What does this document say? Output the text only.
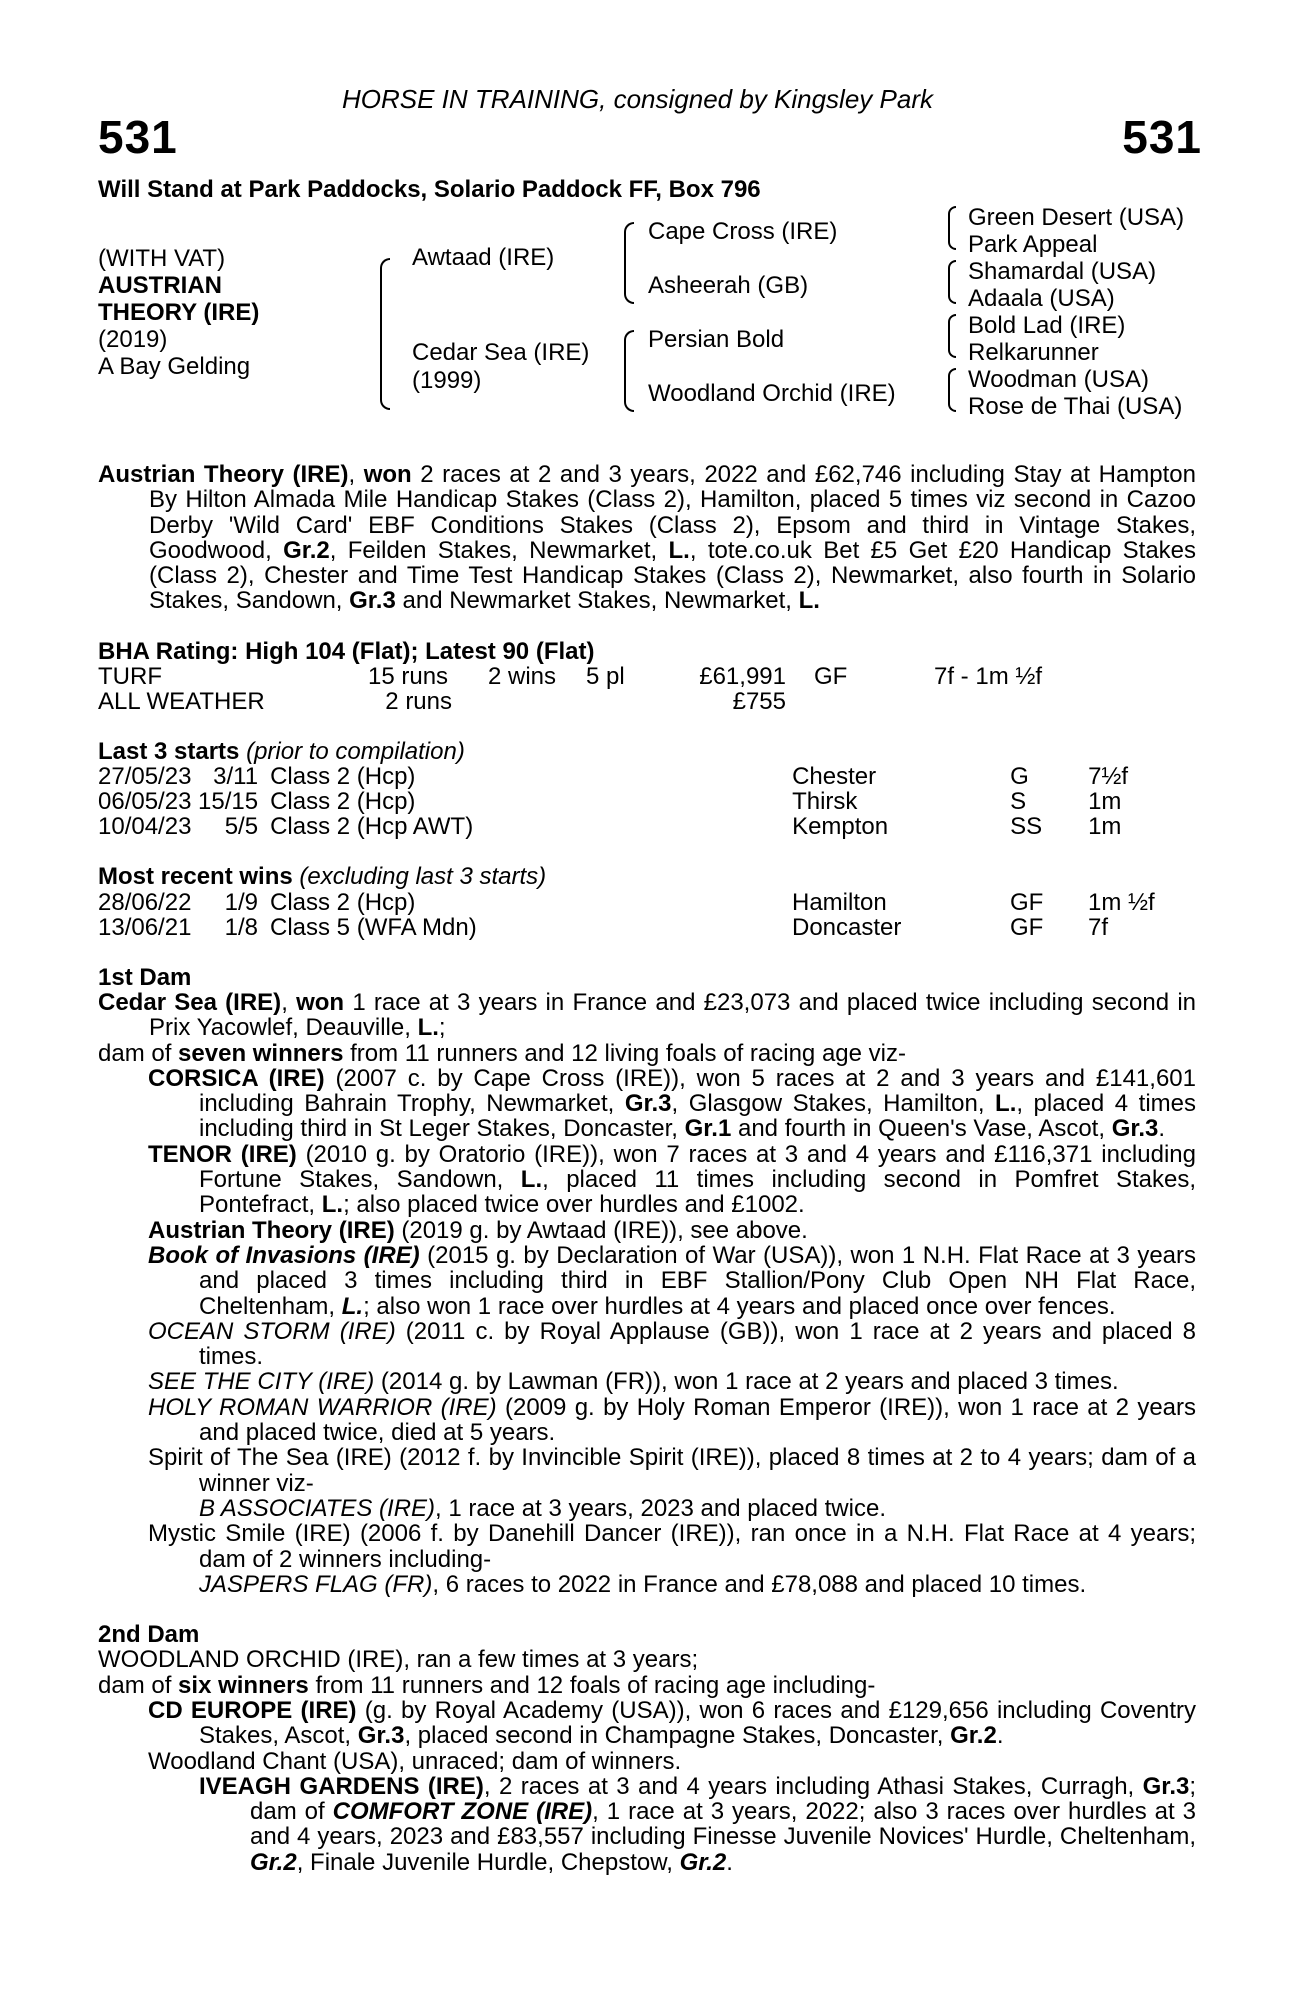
531	531
HORSE IN TRAINING, consigned by Kingsley Park
Will Stand at Park Paddocks, Solario Paddock FF, Box 796
(WITH VAT)
AUSTRIAN
THEORY (IRE)
(2019)
A Bay Gelding
Awtaad (IRE)
Cedar Sea (IRE)
(1999)
Cape Cross (IRE)
Asheerah (GB)
Persian Bold
Woodland Orchid (IRE)
Green Desert (USA)
Park Appeal
Shamardal (USA)
Adaala (USA)
Bold Lad (IRE)
Relkarunner
Woodman (USA)
Rose de Thai (USA)
Austrian Theory (IRE), won 2 races at 2 and 3 years, 2022 and £62,746 including Stay at Hampton By Hilton Almada Mile Handicap Stakes (Class 2), Hamilton, placed 5 times viz second in Cazoo Derby 'Wild Card' EBF Conditions Stakes (Class 2), Epsom and third in Vintage Stakes, Goodwood, Gr.2, Feilden Stakes, Newmarket, L., tote.co.uk Bet £5 Get £20 Handicap Stakes (Class 2), Chester and Time Test Handicap Stakes (Class 2), Newmarket, also fourth in Solario Stakes, Sandown, Gr.3 and Newmarket Stakes, Newmarket, L.
BHA Rating: High 104 (Flat); Latest 90 (Flat)
TURF	15 runs	2 wins	5 pl	£61,991	GF	7f - 1m ½f
ALL WEATHER	2 runs			£755		
Last 3 starts (prior to compilation)
27/05/23	3/11	Class 2 (Hcp)	Chester	G	7½f
06/05/23	15/15	Class 2 (Hcp)	Thirsk	S	1m
10/04/23	5/5	Class 2 (Hcp AWT)	Kempton	SS	1m
Most recent wins (excluding last 3 starts)
28/06/22	1/9	Class 2 (Hcp)	Hamilton	GF	1m ½f
13/06/21	1/8	Class 5 (WFA Mdn)	Doncaster	GF	7f
1st Dam
Cedar Sea (IRE), won 1 race at 3 years in France and £23,073 and placed twice including second in Prix Yacowlef, Deauville, L.;
dam of seven winners from 11 runners and 12 living foals of racing age viz-
CORSICA (IRE) (2007 c. by Cape Cross (IRE)), won 5 races at 2 and 3 years and £141,601 including Bahrain Trophy, Newmarket, Gr.3, Glasgow Stakes, Hamilton, L., placed 4 times including third in St Leger Stakes, Doncaster, Gr.1 and fourth in Queen's Vase, Ascot, Gr.3.
TENOR (IRE) (2010 g. by Oratorio (IRE)), won 7 races at 3 and 4 years and £116,371 including Fortune Stakes, Sandown, L., placed 11 times including second in Pomfret Stakes, Pontefract, L.; also placed twice over hurdles and £1002.
Austrian Theory (IRE) (2019 g. by Awtaad (IRE)), see above.
Book of Invasions (IRE) (2015 g. by Declaration of War (USA)), won 1 N.H. Flat Race at 3 years and placed 3 times including third in EBF Stallion/Pony Club Open NH Flat Race, Cheltenham, L.; also won 1 race over hurdles at 4 years and placed once over fences.
OCEAN STORM (IRE) (2011 c. by Royal Applause (GB)), won 1 race at 2 years and placed 8 times.
SEE THE CITY (IRE) (2014 g. by Lawman (FR)), won 1 race at 2 years and placed 3 times.
HOLY ROMAN WARRIOR (IRE) (2009 g. by Holy Roman Emperor (IRE)), won 1 race at 2 years and placed twice, died at 5 years.
Spirit of The Sea (IRE) (2012 f. by Invincible Spirit (IRE)), placed 8 times at 2 to 4 years; dam of a winner viz-
B ASSOCIATES (IRE), 1 race at 3 years, 2023 and placed twice.
Mystic Smile (IRE) (2006 f. by Danehill Dancer (IRE)), ran once in a N.H. Flat Race at 4 years; dam of 2 winners including-
JASPERS FLAG (FR), 6 races to 2022 in France and £78,088 and placed 10 times.
2nd Dam
WOODLAND ORCHID (IRE), ran a few times at 3 years;
dam of six winners from 11 runners and 12 foals of racing age including-
CD EUROPE (IRE) (g. by Royal Academy (USA)), won 6 races and £129,656 including Coventry Stakes, Ascot, Gr.3, placed second in Champagne Stakes, Doncaster, Gr.2.
Woodland Chant (USA), unraced; dam of winners.
IVEAGH GARDENS (IRE), 2 races at 3 and 4 years including Athasi Stakes, Curragh, Gr.3; dam of COMFORT ZONE (IRE), 1 race at 3 years, 2022; also 3 races over hurdles at 3 and 4 years, 2023 and £83,557 including Finesse Juvenile Novices' Hurdle, Cheltenham, Gr.2, Finale Juvenile Hurdle, Chepstow, Gr.2.
